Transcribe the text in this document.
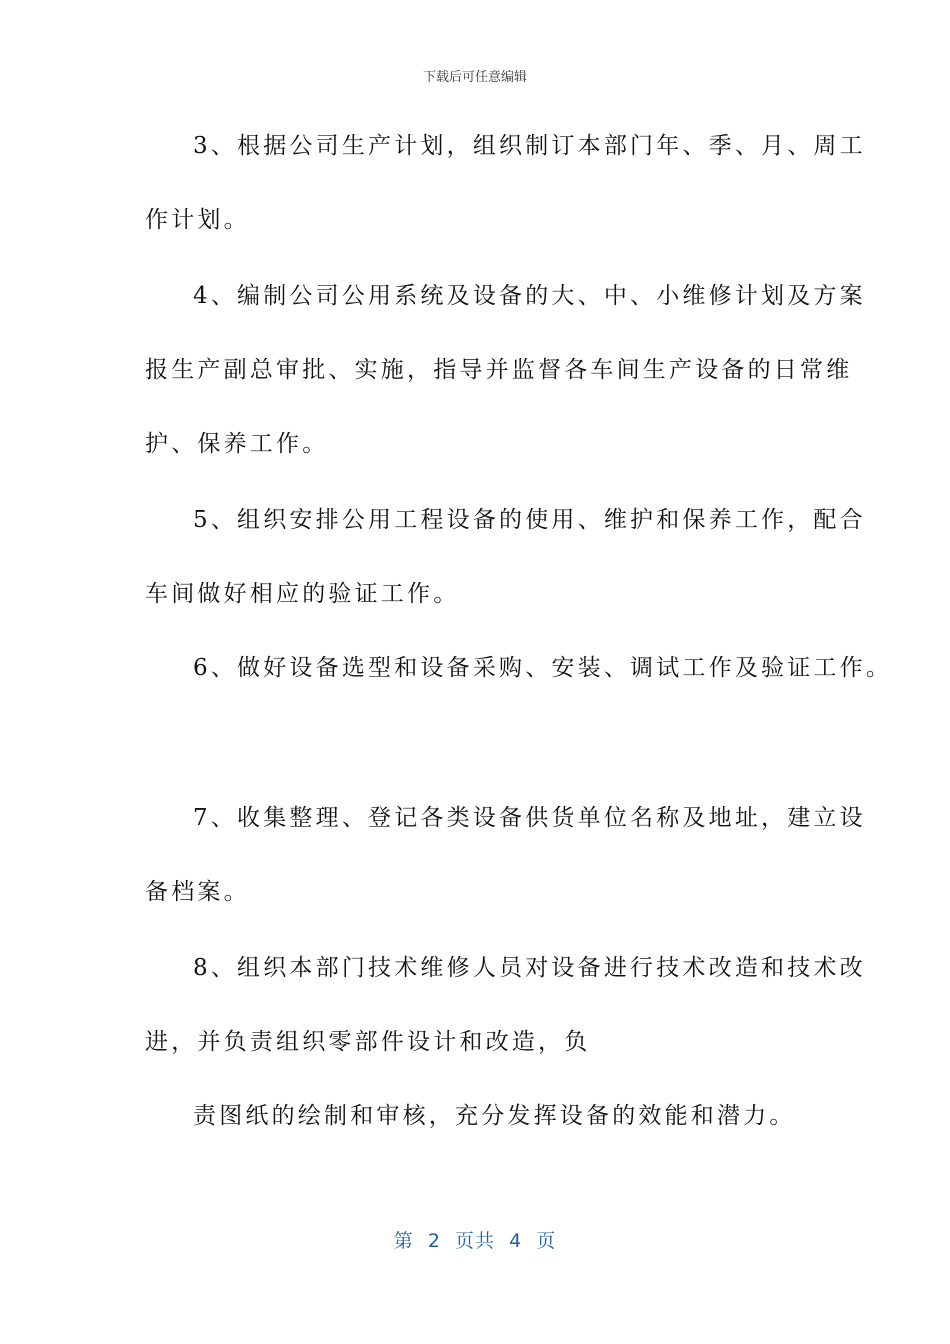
下载后可任意编辑
3、根据公司生产计划，组织制订本部门年、季、月、周工
作计划。
4、编制公司公用系统及设备的大、中、小维修计划及方案
报生产副总审批、实施，指导并监督各车间生产设备的日常维
护、保养工作。
5、组织安排公用工程设备的使用、维护和保养工作，配合
车间做好相应的验证工作。
6、做好设备选型和设备采购、安装、调试工作及验证工作。
7、收集整理、登记各类设备供货单位名称及地址，建立设
备档案。
8、组织本部门技术维修人员对设备进行技术改造和技术改
进，并负责组织零部件设计和改造，负
责图纸的绘制和审核，充分发挥设备的效能和潜力。
第  2  页共  4  页
